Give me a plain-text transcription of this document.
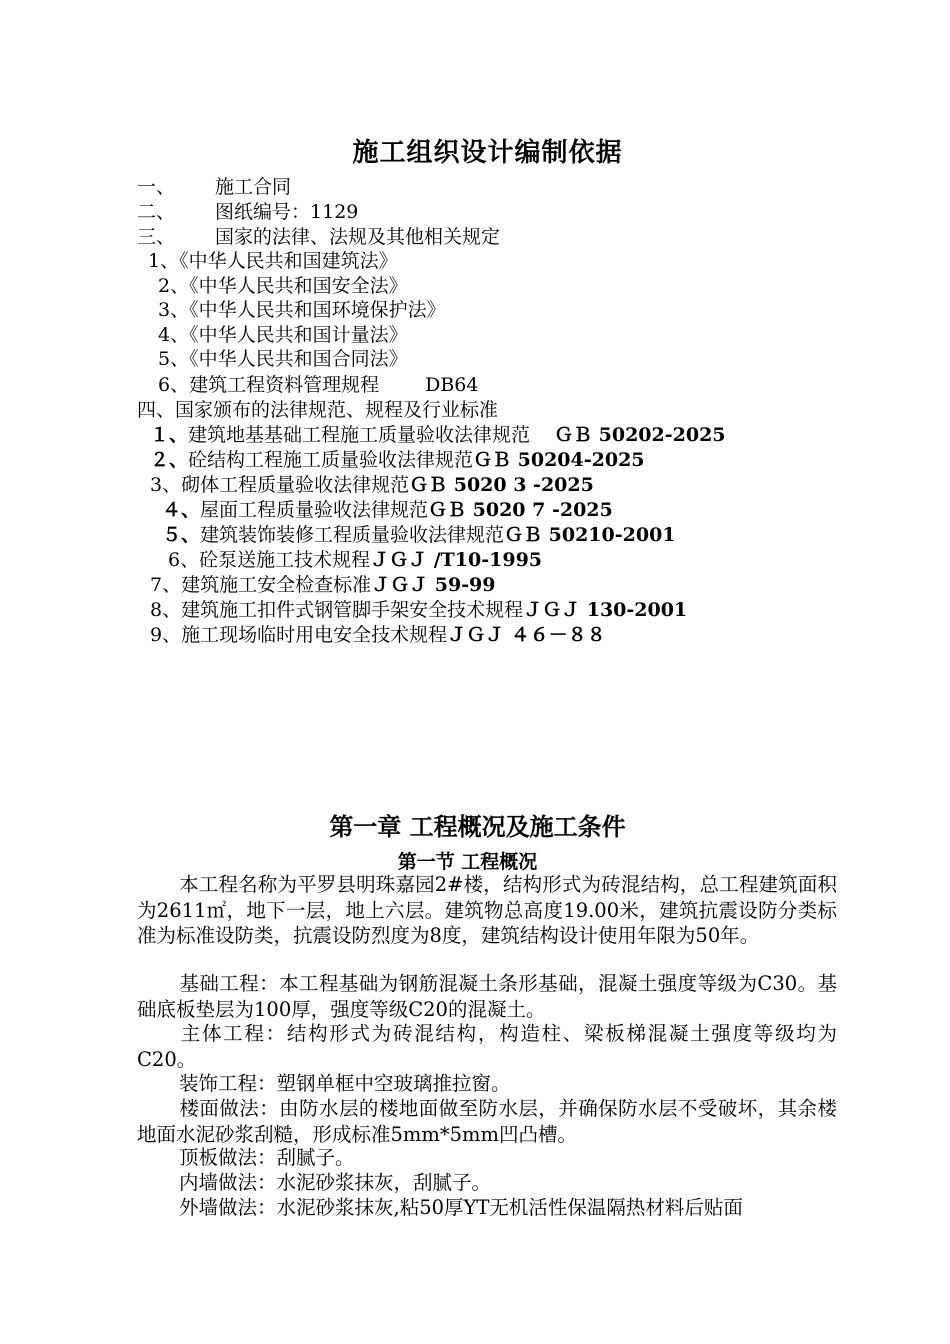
施工组织设计编制依据
一、 施工合同
二、 图纸编号：1129
三、 国家的法律、法规及其他相关规定
1、《中华人民共和国建筑法》
2、《中华人民共和国安全法》
3、《中华人民共和国环境保护法》
4、《中华人民共和国计量法》
5、《中华人民共和国合同法》
6、建筑工程资料管理规程 DB64
四、国家颁布的法律规范、规程及行业标准
１、建筑地基基础工程施工质量验收法律规范 ＧＢ 50202-2025
２、砼结构工程施工质量验收法律规范ＧＢ 50204-2025
3、砌体工程质量验收法律规范ＧＢ 5020 3 -2025
４、屋面工程质量验收法律规范ＧＢ 5020 7 -2025
５、建筑装饰装修工程质量验收法律规范ＧＢ 50210-2001
6、砼泵送施工技术规程ＪＧＪ /T10-1995
7、建筑施工安全检查标准ＪＧＪ 59-99
8、建筑施工扣件式钢管脚手架安全技术规程ＪＧＪ 130-2001
9、施工现场临时用电安全技术规程ＪＧＪ ４６－８８
第一章 工程概况及施工条件
第一节 工程概况
本工程名称为平罗县明珠嘉园2#楼，结构形式为砖混结构，总工程建筑面积为2611㎡，地下一层，地上六层。建筑物总高度19.00米，建筑抗震设防分类标准为标准设防类，抗震设防烈度为8度，建筑结构设计使用年限为50年。
基础工程：本工程基础为钢筋混凝土条形基础，混凝土强度等级为C30。基础底板垫层为100厚，强度等级C20的混凝土。
主体工程：结构形式为砖混结构，构造柱、梁板梯混凝土强度等级均为C20。
装饰工程：塑钢单框中空玻璃推拉窗。
楼面做法：由防水层的楼地面做至防水层，并确保防水层不受破坏，其余楼地面水泥砂浆刮糙，形成标准5mm*5mm凹凸槽。
顶板做法：刮腻子。
内墙做法：水泥砂浆抹灰，刮腻子。
外墙做法：水泥砂浆抹灰,粘50厚YT无机活性保温隔热材料后贴面
